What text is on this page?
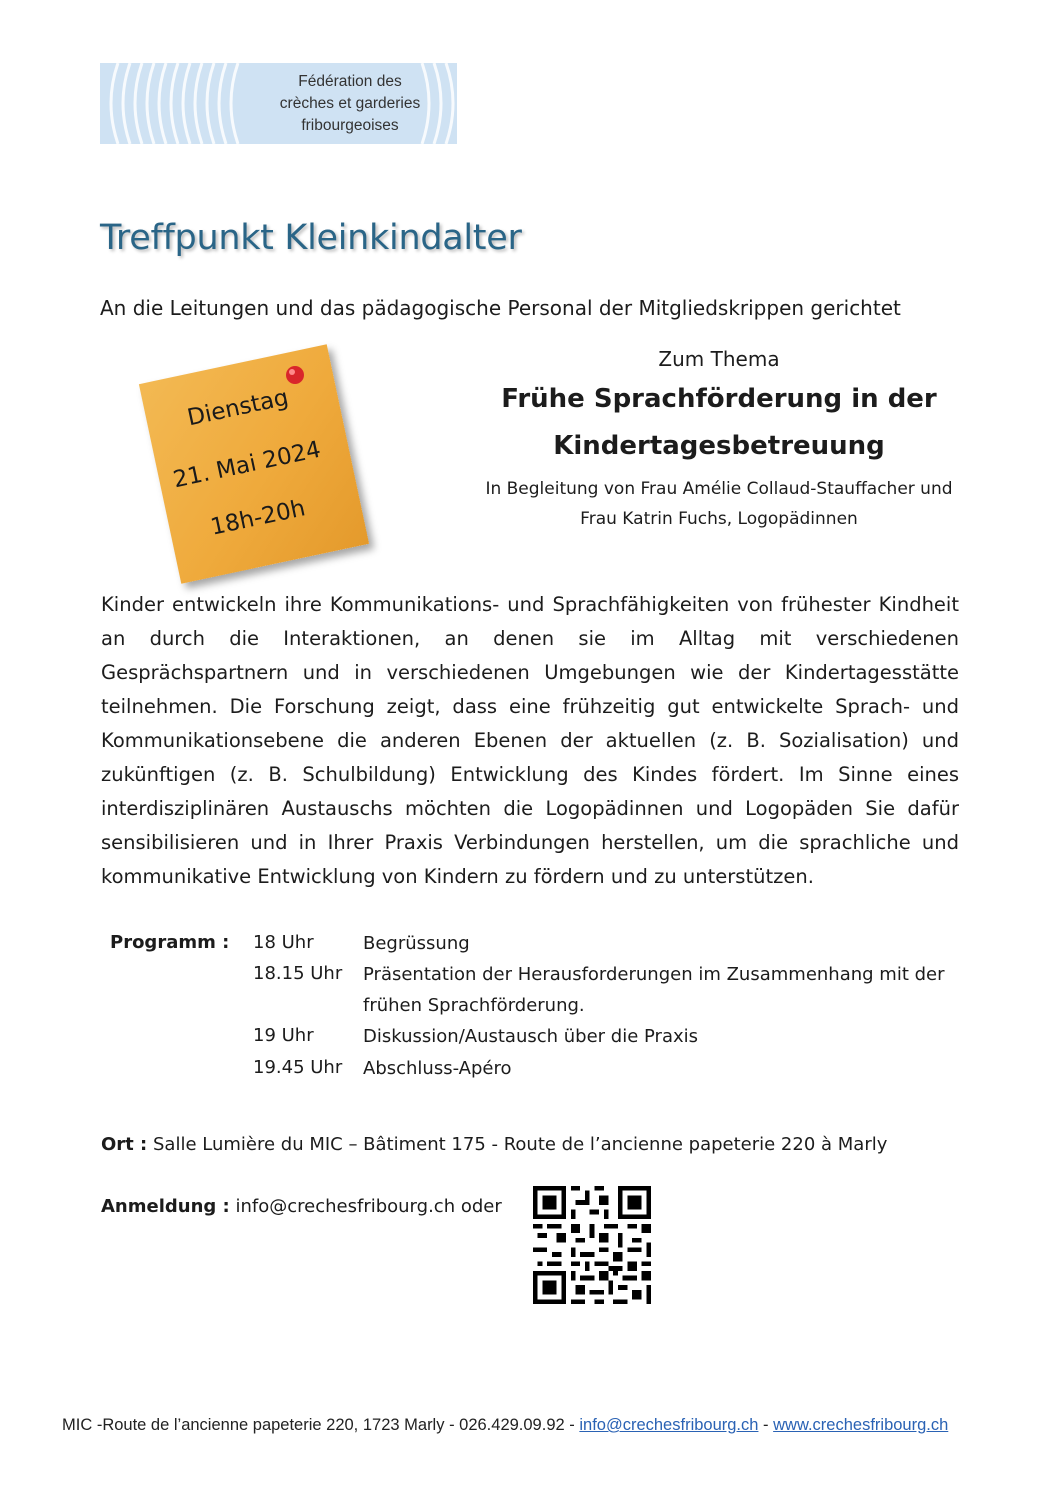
Fédération des
crèches et garderies
fribourgeoises
Treffpunkt Kleinkindalter
An die Leitungen und das pädagogische Personal der Mitgliedskrippen gerichtet
Dienstag
21. Mai 2024
18h-20h
Zum Thema
Frühe Sprachförderung in der
Kindertagesbetreuung
In Begleitung von Frau Amélie Collaud-Stauffacher und
Frau Katrin Fuchs, Logopädinnen
Kinder entwickeln ihre Kommunikations- und Sprachfähigkeiten von frühester Kindheit an durch die Interaktionen, an denen sie im Alltag mit verschiedenen Gesprächspartnern und in verschiedenen Umgebungen wie der Kindertagesstätte teilnehmen. Die Forschung zeigt, dass eine frühzeitig gut entwickelte Sprach- und Kommunikationsebene die anderen Ebenen der aktuellen (z. B. Sozialisation) und zukünftigen (z. B. Schulbildung) Entwicklung des Kindes fördert. Im Sinne eines interdisziplinären Austauschs möchten die Logopädinnen und Logopäden Sie dafür sensibilisieren und in Ihrer Praxis Verbindungen herstellen, um die sprachliche und kommunikative Entwicklung von Kindern zu fördern und zu unterstützen.
Programm : 18 Uhr	Begrüssung
18.15 Uhr Präsentation der Herausforderungen im Zusammenhang mit der frühen Sprachförderung.
19 Uhr	Diskussion/Austausch über die Praxis
19.45 Uhr Abschluss-Apéro
Ort : Salle Lumière du MIC – Bâtiment 175 - Route de l’ancienne papeterie 220 à Marly
Anmeldung : info@crechesfribourg.ch oder
MIC -Route de l’ancienne papeterie 220, 1723 Marly - 026.429.09.92 - info@crechesfribourg.ch - www.crechesfribourg.ch
